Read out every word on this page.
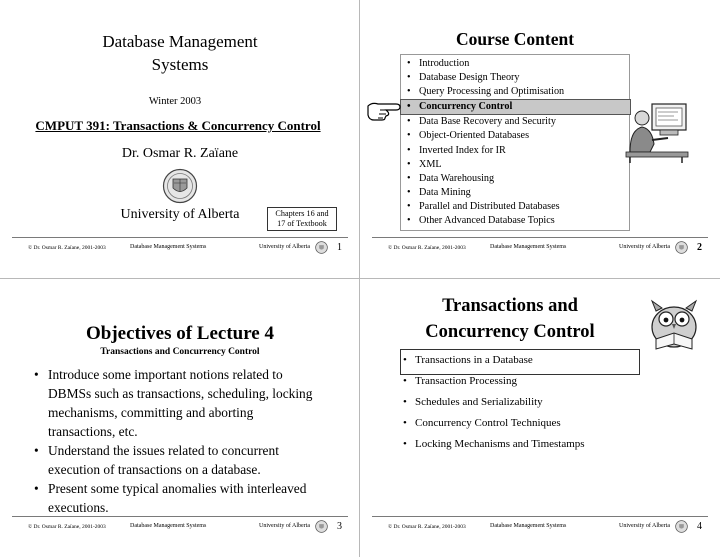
Database Management
Systems
Winter 2003
CMPUT 391: Transactions & Concurrency Control
Dr. Osmar R. Zaïane
University of Alberta	Chapters 16 and
17 of Textbook
© Dr. Osmar R. Zaïane, 2001-2003	Database Management Systems	University of Alberta	1
Course Content
• Introduction
• Database Design Theory
• Query Processing and Optimisation
• Concurrency Control
• Data Base Recovery and Security
• Object-Oriented Databases
• Inverted Index for IR
• XML
• Data Warehousing
• Data Mining
• Parallel and Distributed Databases
• Other Advanced Database Topics
© Dr. Osmar R. Zaïane, 2001-2003	Database Management Systems	University of Alberta	2
Objectives of Lecture 4
Transactions and Concurrency Control
• Introduce some important notions related to DBMSs such as transactions, scheduling, locking mechanisms, committing and aborting transactions, etc.
• Understand the issues related to concurrent execution of transactions on a database.
• Present some typical anomalies with interleaved executions.
© Dr. Osmar R. Zaïane, 2001-2003	Database Management Systems	University of Alberta	3
Transactions and
Concurrency Control
• Transactions in a Database
• Transaction Processing
• Schedules and Serializability
• Concurrency Control Techniques
• Locking Mechanisms and Timestamps
© Dr. Osmar R. Zaïane, 2001-2003	Database Management Systems	University of Alberta	4
